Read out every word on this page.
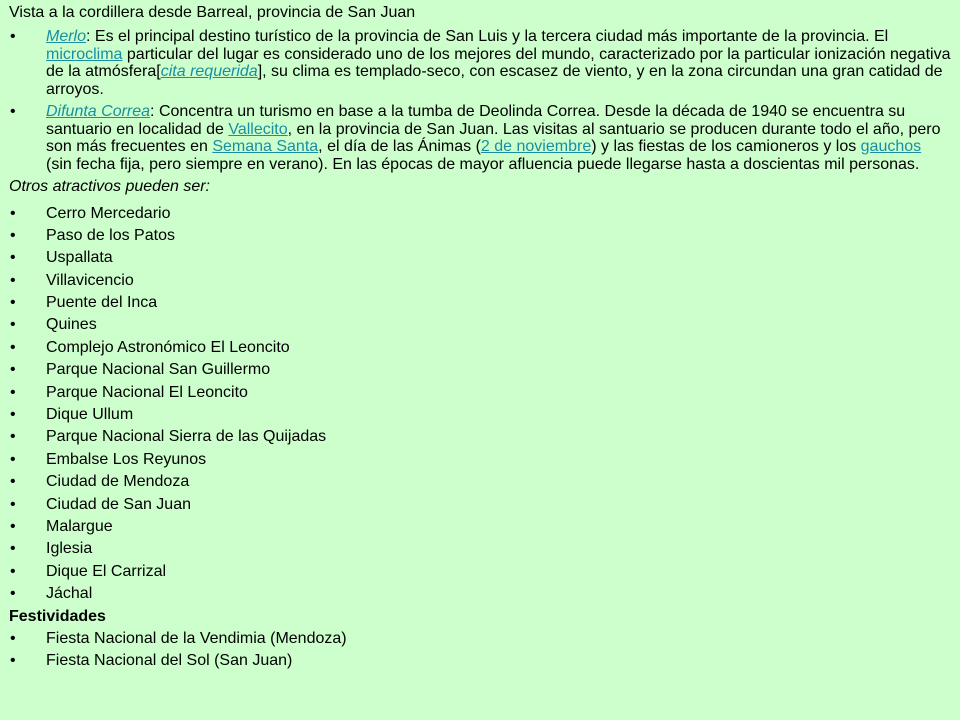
Vista a la cordillera desde Barreal, provincia de San Juan
• Merlo: Es el principal destino turístico de la provincia de San Luis y la tercera ciudad más importante de la provincia. El microclima particular del lugar es considerado uno de los mejores del mundo, caracterizado por la particular ionización negativa de la atmósfera[cita requerida], su clima es templado-seco, con escasez de viento, y en la zona circundan una gran catidad de arroyos.
• Difunta Correa: Concentra un turismo en base a la tumba de Deolinda Correa. Desde la década de 1940 se encuentra su santuario en localidad de Vallecito, en la provincia de San Juan. Las visitas al santuario se producen durante todo el año, pero son más frecuentes en Semana Santa, el día de las Ánimas (2 de noviembre) y las fiestas de los camioneros y los gauchos (sin fecha fija, pero siempre en verano). En las épocas de mayor afluencia puede llegarse hasta a doscientas mil personas.
Otros atractivos pueden ser:
• Cerro Mercedario
• Paso de los Patos
• Uspallata
• Villavicencio
• Puente del Inca
• Quines
• Complejo Astronómico El Leoncito
• Parque Nacional San Guillermo
• Parque Nacional El Leoncito
• Dique Ullum
• Parque Nacional Sierra de las Quijadas
• Embalse Los Reyunos
• Ciudad de Mendoza
• Ciudad de San Juan
• Malargue
• Iglesia
• Dique El Carrizal
• Jáchal
Festividades
• Fiesta Nacional de la Vendimia (Mendoza)
• Fiesta Nacional del Sol (San Juan)
